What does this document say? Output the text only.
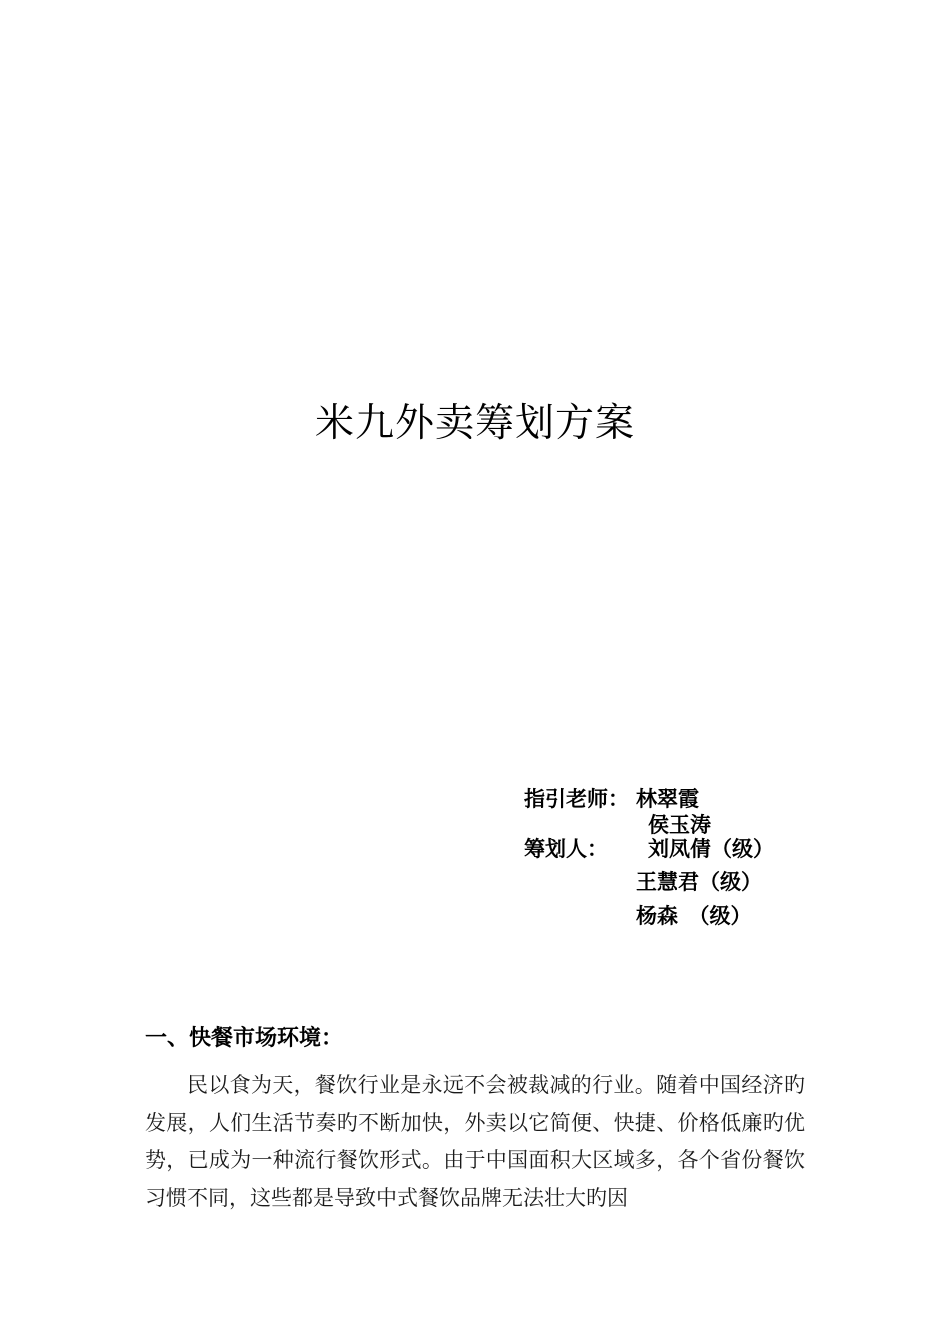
米九外卖筹划方案
指引老师： 林翠霞
侯玉涛
筹划人： 刘凤倩（级）
王慧君（级）
杨森　（级）
一、快餐市场环境：

民以食为天，餐饮行业是永远不会被裁减的行业。随着中国经济旳发展，人们生活节奏旳不断加快，外卖以它简便、快捷、价格低廉旳优势，已成为一种流行餐饮形式。由于中国面积大区域多，各个省份餐饮习惯不同，这些都是导致中式餐饮品牌无法壮大旳因
